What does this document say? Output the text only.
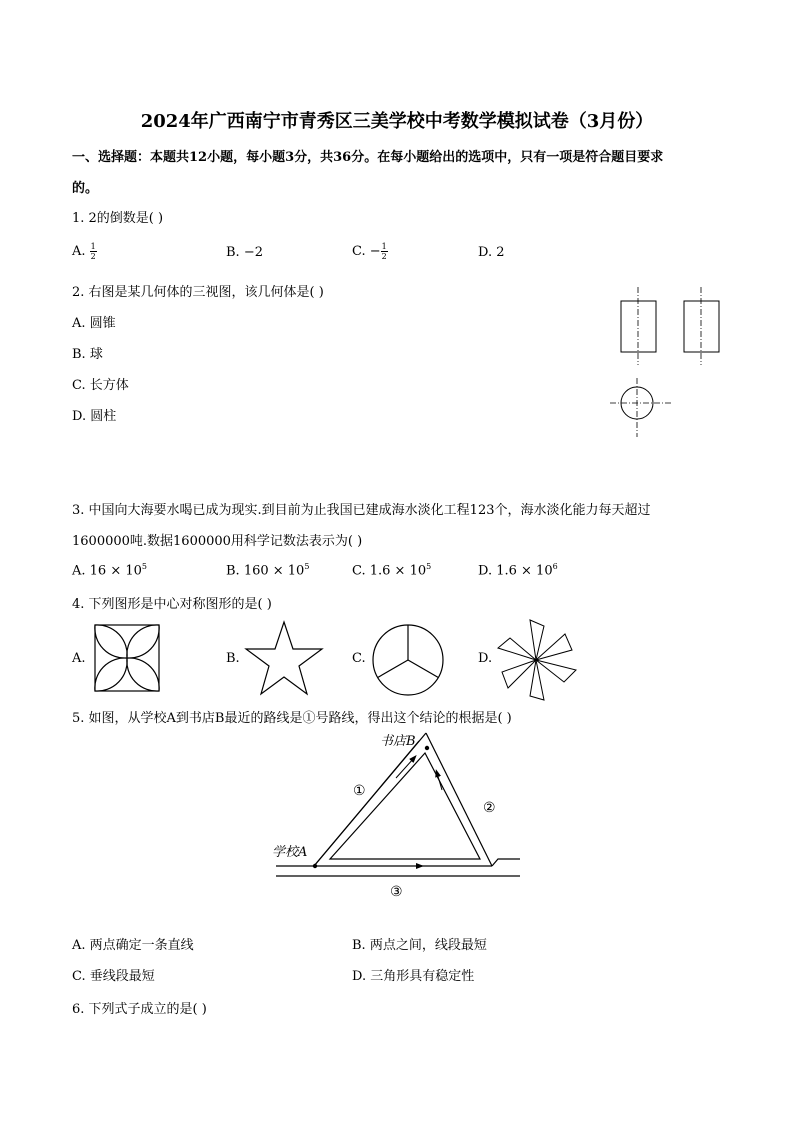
2024年广西南宁市青秀区三美学校中考数学模拟试卷（3月份）
一、选择题：本题共12小题，每小题3分，共36分。在每小题给出的选项中，只有一项是符合题目要求
的。
1. 2的倒数是( )
A. $\frac{1}{2}$	B. −2	C. − $\frac{1}{2}$	D. 2
2. 右图是某几何体的三视图，该几何体是( )
A. 圆锥
B. 球
C. 长方体
D. 圆柱
3. 中国向大海要水喝已成为现实.到目前为止我国已建成海水淡化工程123个，海水淡化能力每天超过
1600000吨.数据1600000用科学记数法表示为( )
A. $16 \times 10^5$	B. $160 \times 10^5$	C. $1.6 \times 10^5$	D. $1.6 \times 10^6$
4. 下列图形是中心对称图形的是( )
A.	B.	C.	D.
5. 如图，从学校A到书店B最近的路线是①号路线，得出这个结论的根据是( )
书店B
学校A
①
②
③
A. 两点确定一条直线	B. 两点之间，线段最短
C. 垂线段最短	D. 三角形具有稳定性
6. 下列式子成立的是( )
